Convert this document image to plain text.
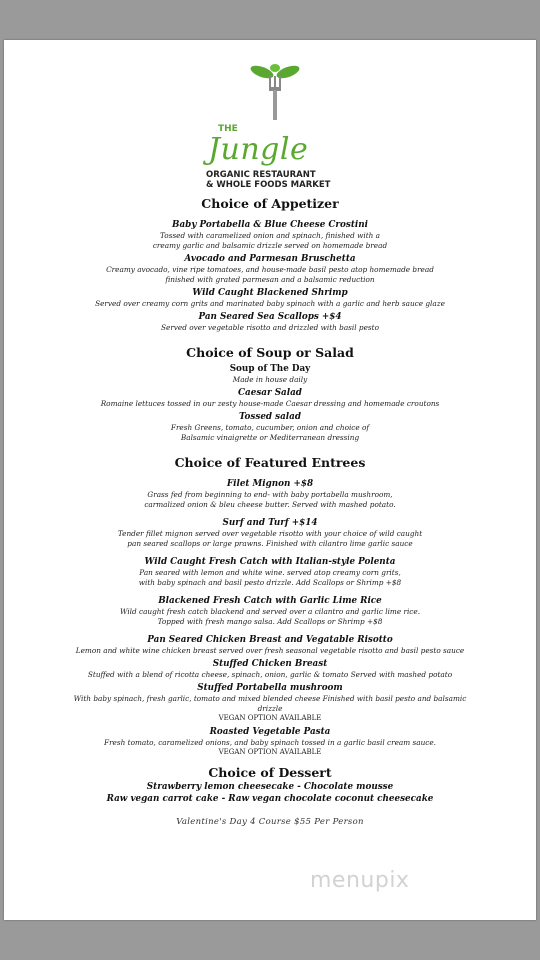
THE
Jungle
ORGANIC RESTAURANT
& WHOLE FOODS MARKET
Choice of Appetizer
Baby Portabella & Blue Cheese Crostini
Tossed with caramelized onion and spinach, finished with a
creamy garlic and balsamic drizzle served on homemade bread
Avocado and Parmesan Bruschetta
Creamy avocado, vine ripe tomatoes, and house-made basil pesto atop homemade bread
finished with grated parmesan and a balsamic reduction
Wild Caught Blackened Shrimp
Served over creamy corn grits and marinated baby spinach with a garlic and herb sauce glaze
Pan Seared Sea Scallops +$4
Served over vegetable risotto and drizzled with basil pesto
Choice of Soup or Salad
Soup of The Day
Made in house daily
Caesar Salad
Romaine lettuces tossed in our zesty house-made Caesar dressing and homemade croutons
Tossed salad
Fresh Greens, tomato, cucumber, onion and choice of
Balsamic vinaigrette or Mediterranean dressing
Choice of Featured Entrees
Filet Mignon +$8
Grass fed from beginning to end- with baby portabella mushroom,
carmalized onion & bleu cheese butter. Served with mashed potato.
Surf and Turf +$14
Tender fillet mignon served over vegetable risotto with your choice of wild caught
pan seared scallops or large prawns. Finished with cilantro lime garlic sauce
Wild Caught Fresh Catch with Italian-style Polenta
Pan seared with lemon and white wine. served atop creamy corn grits,
with baby spinach and basil pesto drizzle. Add Scallops or Shrimp +$8
Blackened Fresh Catch with Garlic Lime Rice
Wild caught fresh catch blackend and served over a cilantro and garlic lime rice.
Topped with fresh mango salsa. Add Scallops or Shrimp +$8
Pan Seared Chicken Breast and Vegatable Risotto
Lemon and white wine chicken breast served over fresh seasonal vegetable risotto and basil pesto sauce
Stuffed Chicken Breast
Stuffed with a blend of ricotta cheese, spinach, onion, garlic & tomato Served with mashed potato
Stuffed Portabella mushroom
With baby spinach, fresh garlic, tomato and mixed blended cheese Finished with basil pesto and balsamic
drizzle
VEGAN OPTION AVAILABLE
Roasted Vegetable Pasta
Fresh tomato, caramelized onions, and baby spinach tossed in a garlic basil cream sauce.
VEGAN OPTION AVAILABLE
Choice of Dessert
Strawberry lemon cheesecake - Chocolate mousse
Raw vegan carrot cake - Raw vegan chocolate coconut cheesecake
Valentine's Day 4 Course $55 Per Person
menupix
